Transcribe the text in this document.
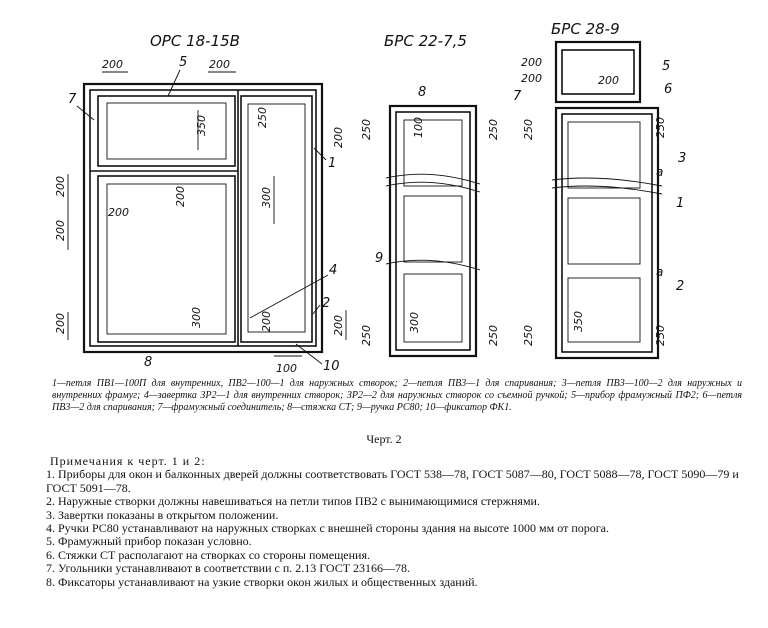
ОРС 18-15В	БРС 22-7,5
БРС 28-9
200	200
350	250
200
200
200
200
200
300
200	300	200	200
100
5
7
1
4
2
8	10
8
250	250
100
9
300
250	250
200
200	200
5
7	6
250	250
3
a
1
a
2
350
250	250
1—петля ПВ1—100П для внутренних, ПВ2—100—1 для наружных створок; 2—петля ПВ3—1 для спаривания; 3—петля ПВ3—100—2 для наружных и внутренних фрамуг; 4—завертка ЗР2—1 для внутренних створок; ЗР2—2 для наружных створок со съемной ручкой; 5—прибор фрамужный ПФ2; 6—петля ПВ3—2 для спаривания; 7—фрамужный соединитель; 8—стяжка СТ; 9—ручка РС80; 10—фиксатор ФК1.
Черт. 2
Примечания к черт. 1 и 2:

1. Приборы для окон и балконных дверей должны соответствовать ГОСТ 538—78, ГОСТ 5087—80, ГОСТ 5088—78, ГОСТ 5090—79 и ГОСТ 5091—78.

2. Наружные створки должны навешиваться на петли типов ПВ2 с вынимающимися стержнями.

3. Завертки показаны в открытом положении.

4. Ручки РС80 устанавливают на наружных створках с внешней стороны здания на высоте 1000 мм от порога.

5. Фрамужный прибор показан условно.

6. Стяжки СТ располагают на створках со стороны помещения.

7. Угольники устанавливают в соответствии с п. 2.13 ГОСТ 23166—78.

8. Фиксаторы устанавливают на узкие створки окон жилых и общественных зданий.
